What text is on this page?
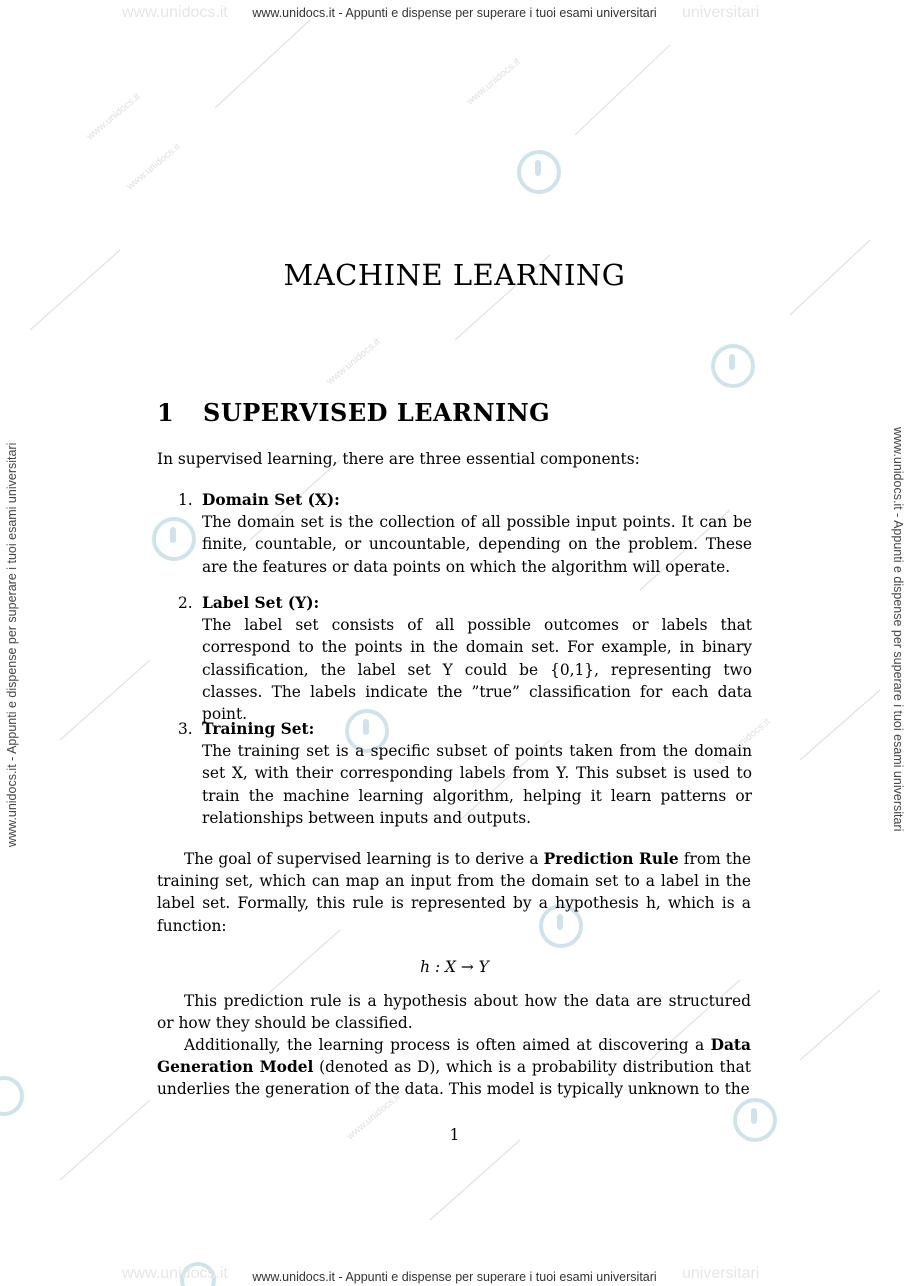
www.unidocs.it
www.unidocs.it
www.unidocs.it
www.unidocs.it
www.unidocs.it
www.unidocs.it
www.unidocs.it	universitari
www.unidocs.it	universitari
www.unidocs.it - Appunti e dispense per superare i tuoi esami universitari
www.unidocs.it - Appunti e dispense per superare i tuoi esami universitari
www.unidocs.it - Appunti e dispense per superare i tuoi esami universitari	www.unidocs.it - Appunti e dispense per superare i tuoi esami universitari
MACHINE LEARNING
1 SUPERVISED LEARNING
In supervised learning, there are three essential components:
1. Domain Set (X):
The domain set is the collection of all possible input points. It can be finite, countable, or uncountable, depending on the problem. These are the features or data points on which the algorithm will operate.
2. Label Set (Y):
The label set consists of all possible outcomes or labels that correspond to the points in the domain set. For example, in binary classification, the label set Y could be {0,1}, representing two classes. The labels indicate the ”true” classification for each data point.
3. Training Set:
The training set is a specific subset of points taken from the domain set X, with their corresponding labels from Y. This subset is used to train the machine learning algorithm, helping it learn patterns or relationships between inputs and outputs.
The goal of supervised learning is to derive a Prediction Rule from the training set, which can map an input from the domain set to a label in the label set. Formally, this rule is represented by a hypothesis h, which is a function:
h : X → Y
This prediction rule is a hypothesis about how the data are structured or how they should be classified.
Additionally, the learning process is often aimed at discovering a Data Generation Model (denoted as D), which is a probability distribution that underlies the generation of the data. This model is typically unknown to the
1
